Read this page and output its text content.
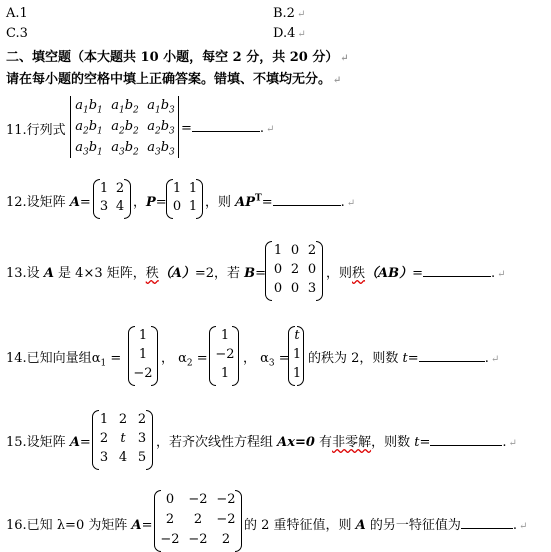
A.1	B.2 ↵
C.3	D.4 ↵
二、填空题（本大题共 10 小题，每空 2 分，共 20 分） ↵
请在每小题的空格中填上正确答案。错填、不填均无分。 ↵
11.行列式
$a_1b_1$ $a_1b_2$ $a_1b_3$
$a_2b_1$ $a_2b_2$ $a_2b_3$
$a_3b_1$ $a_3b_2$ $a_3b_3$
=	. ↵
12.设矩阵 A=
1 2
3 4 ，P=
1 1
0 1 ，则 $AP^T=$	. ↵
13.设 A 是 4×3 矩阵，秩（A）=2，若 B=
1 0 2
0 2 0
0 0 3
，则秩（AB）=	. ↵
14.已知向量组$\alpha_1$ =
1
1
−2
， $\alpha_2$ =
1
−2
1
， $\alpha_3$ =
t
1
1
的秩为 2，则数 t=	. ↵
15.设矩阵 A=
1 2 2
2 t 3
3 4 5
，若齐次线性方程组 Ax=0 有非零解，则数 t=	. ↵
16.已知 λ=0 为矩阵 A=
0	−2 −2
2	2	−2
−2 −2	2
的 2 重特征值，则 A 的另一特征值为	. ↵
